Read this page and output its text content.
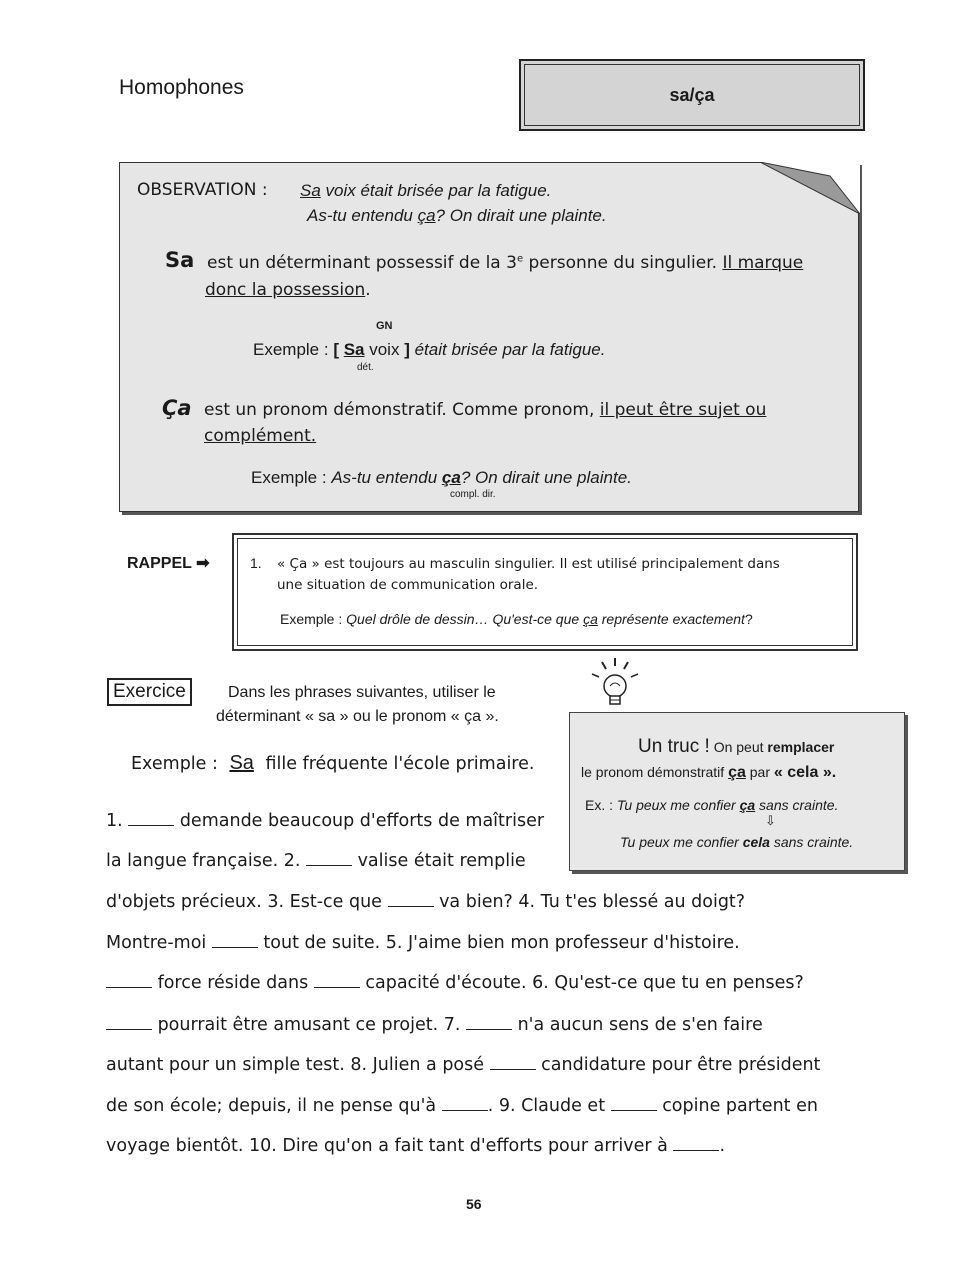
Homophones	sa/ça
OBSERVATION : Sa voix était brisée par la fatigue.
As-tu entendu ça? On dirait une plainte.
Sa est un déterminant possessif de la 3e personne du singulier. Il marque
donc la possession.
GN
Exemple : [ Sa voix ] était brisée par la fatigue.
dét.
Ça est un pronom démonstratif. Comme pronom, il peut être sujet ou
complément.
Exemple : As-tu entendu ça? On dirait une plainte.
compl. dir.
RAPPEL ➡	1. « Ça » est toujours au masculin singulier. Il est utilisé principalement dans
une situation de communication orale.
Exemple : Quel drôle de dessin… Qu'est-ce que ça représente exactement?
Exercice	Dans les phrases suivantes, utiliser le
déterminant « sa » ou le pronom « ça ».
Exemple : Sa fille fréquente l'école primaire.
Un truc ! On peut remplacer
le pronom démonstratif ça par « cela ».
Ex. : Tu peux me confier ça sans crainte.
⇩
Tu peux me confier cela sans crainte.
1.	demande beaucoup d'efforts de maîtriser
la langue française. 2.	valise était remplie
d'objets précieux. 3. Est-ce que	va bien? 4. Tu t'es blessé au doigt?
Montre-moi	tout de suite. 5. J'aime bien mon professeur d'histoire.
force réside dans	capacité d'écoute. 6. Qu'est-ce que tu en penses?
pourrait être amusant ce projet. 7.	n'a aucun sens de s'en faire
autant pour un simple test. 8. Julien a posé	candidature pour être président
de son école; depuis, il ne pense qu'à	. 9. Claude et	copine partent en
voyage bientôt. 10. Dire qu'on a fait tant d'efforts pour arriver à	.
56
